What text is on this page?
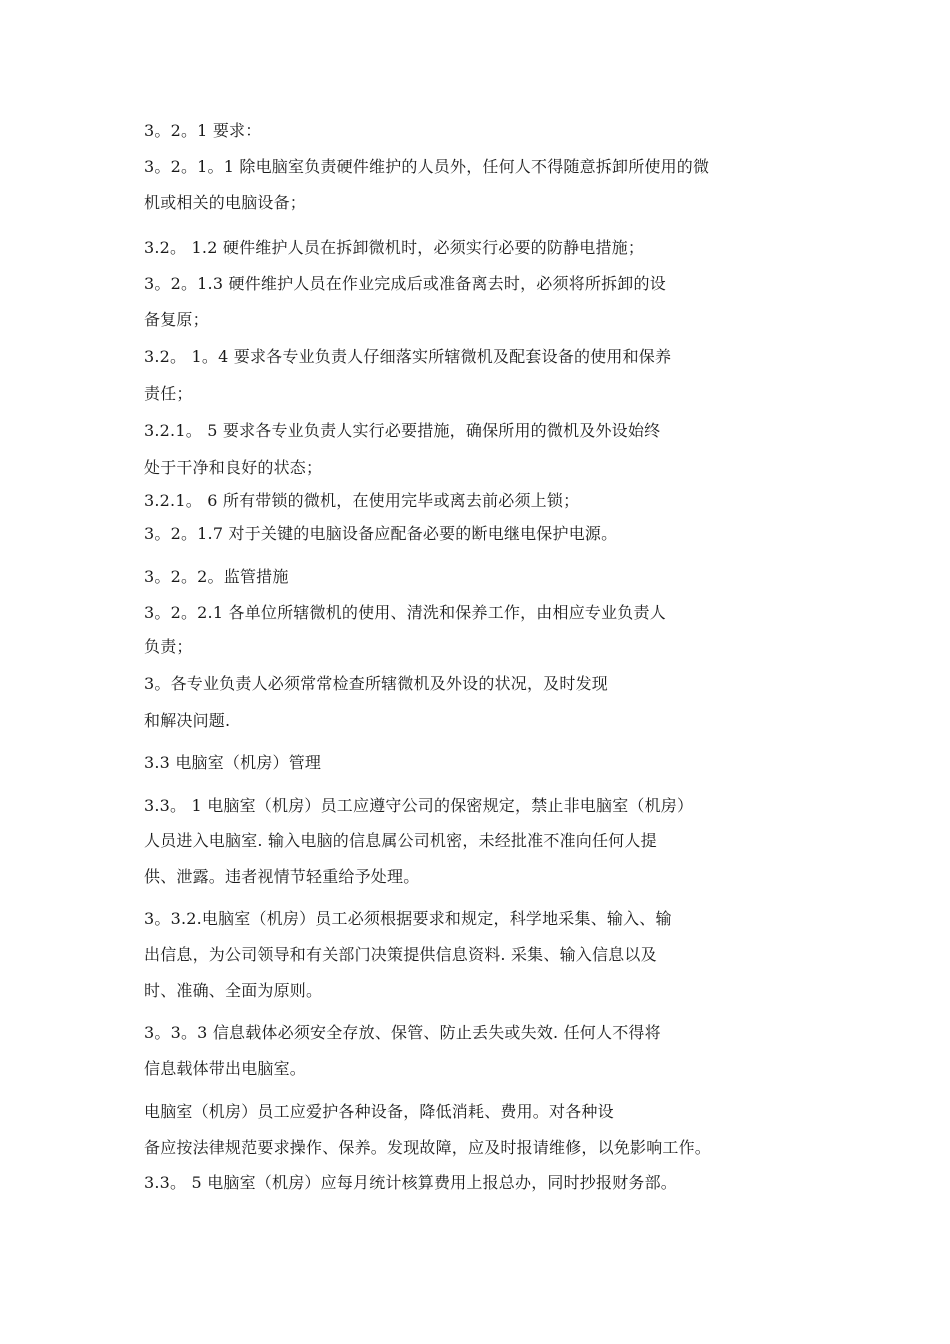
3。2。1 要求：
3。2。1。1 除电脑室负责硬件维护的人员外，任何人不得随意拆卸所使用的微
机或相关的电脑设备；
3.2。 1.2 硬件维护人员在拆卸微机时，必须实行必要的防静电措施；
3。2。1.3 硬件维护人员在作业完成后或准备离去时，必须将所拆卸的设
备复原；
3.2。 1。4 要求各专业负责人仔细落实所辖微机及配套设备的使用和保养
责任；
3.2.1。 5 要求各专业负责人实行必要措施，确保所用的微机及外设始终
处于干净和良好的状态；
3.2.1。 6 所有带锁的微机，在使用完毕或离去前必须上锁；
3。2。1.7 对于关键的电脑设备应配备必要的断电继电保护电源。
3。2。2。监管措施
3。2。2.1 各单位所辖微机的使用、清洗和保养工作，由相应专业负责人
负责；
3。各专业负责人必须常常检查所辖微机及外设的状况，及时发现
和解决问题.
3.3 电脑室（机房）管理
3.3。 1 电脑室（机房）员工应遵守公司的保密规定，禁止非电脑室（机房）
人员进入电脑室. 输入电脑的信息属公司机密，未经批准不准向任何人提
供、泄露。违者视情节轻重给予处理。
3。3.2.电脑室（机房）员工必须根据要求和规定，科学地采集、输入、输
出信息，为公司领导和有关部门决策提供信息资料. 采集、输入信息以及
时、准确、全面为原则。
3。3。3 信息载体必须安全存放、保管、防止丢失或失效. 任何人不得将
信息载体带出电脑室。
电脑室（机房）员工应爱护各种设备，降低消耗、费用。对各种设
备应按法律规范要求操作、保养。发现故障，应及时报请维修，以免影响工作。
3.3。 5 电脑室（机房）应每月统计核算费用上报总办，同时抄报财务部。
